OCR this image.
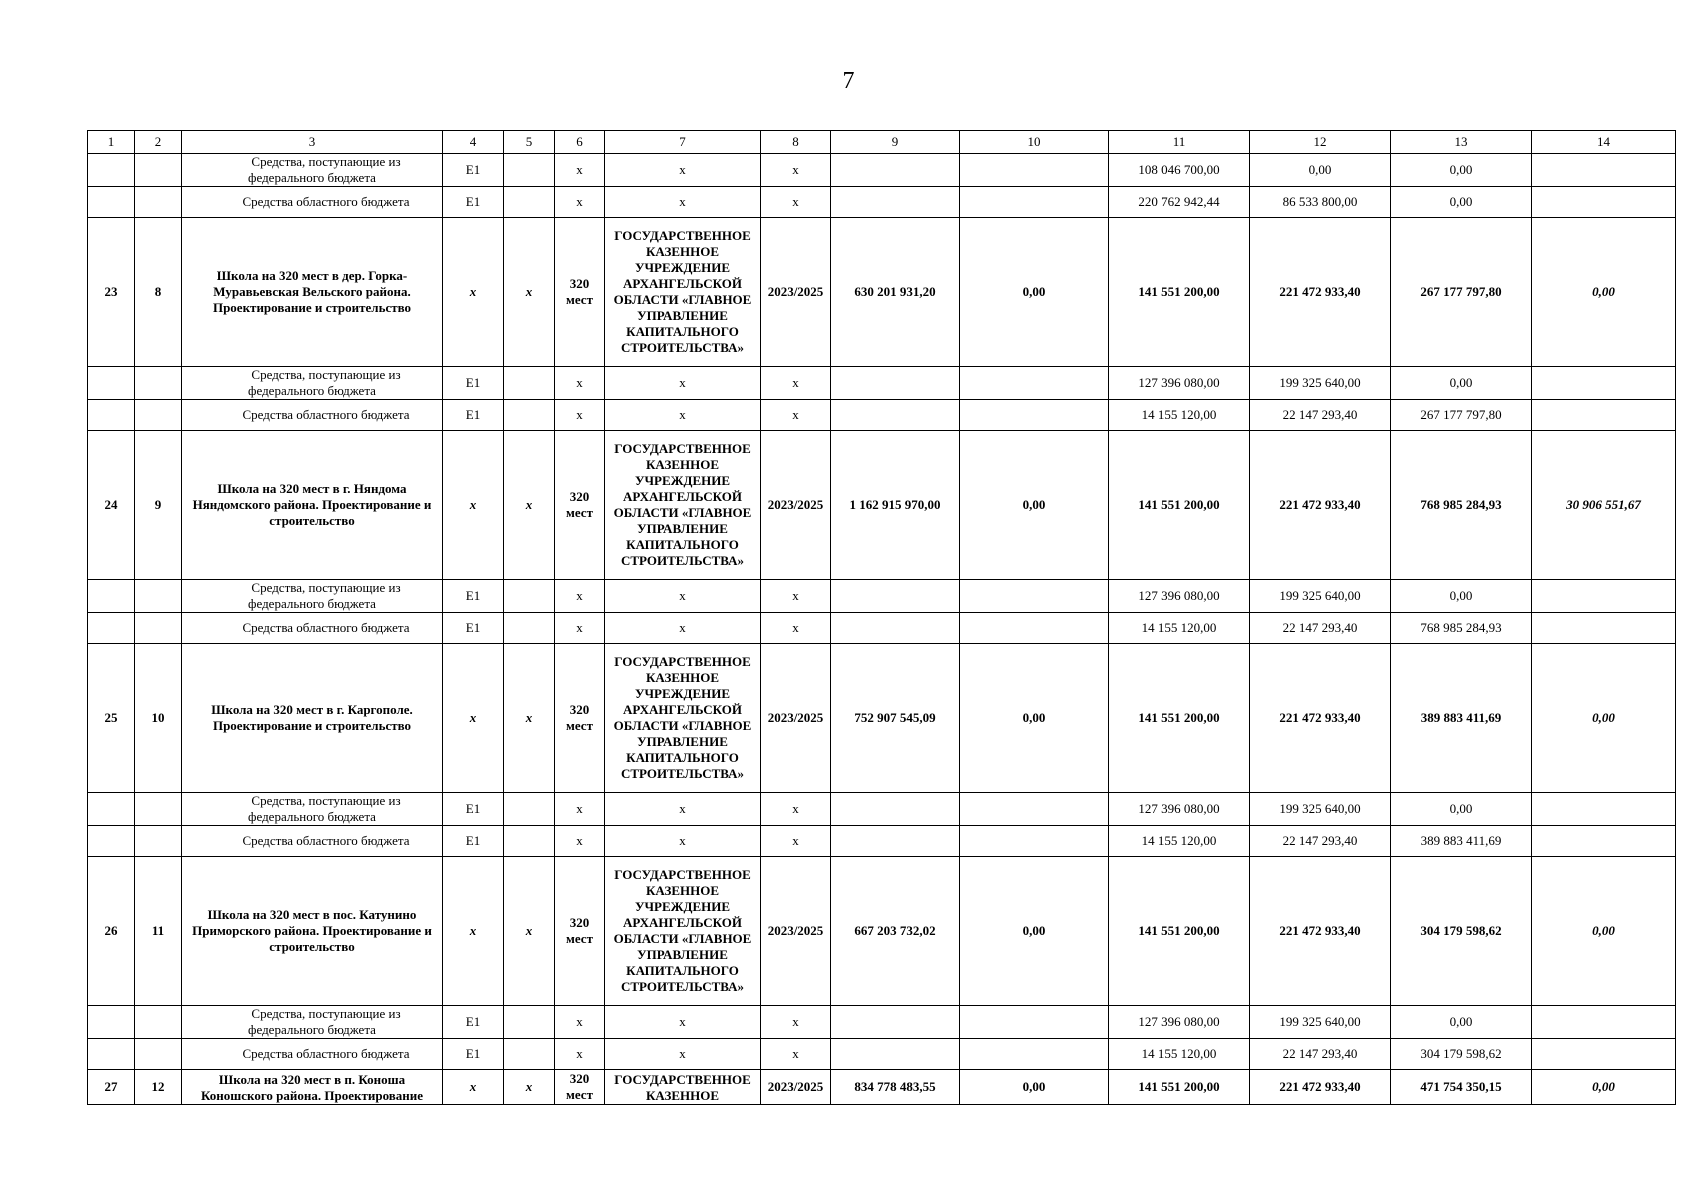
7
1	2	3	4	5	6	7	8	9	10	11	12	13	14
		Средства, поступающие из
федерального бюджета	E1		x	x	x			108 046 700,00	0,00	0,00	
		Средства областного бюджета	E1		x	x	x			220 762 942,44	86 533 800,00	0,00	
23	8	Школа на 320 мест в дер. Горка-Муравьевская Вельского района. Проектирование и строительство	x	x	320 мест	ГОСУДАРСТВЕННОЕ КАЗЕННОЕ УЧРЕЖДЕНИЕ АРХАНГЕЛЬСКОЙ ОБЛАСТИ «ГЛАВНОЕ УПРАВЛЕНИЕ КАПИТАЛЬНОГО СТРОИТЕЛЬСТВА»	2023/2025	630 201 931,20	0,00	141 551 200,00	221 472 933,40	267 177 797,80	0,00
		Средства, поступающие из
федерального бюджета	E1		x	x	x			127 396 080,00	199 325 640,00	0,00	
		Средства областного бюджета	E1		x	x	x			14 155 120,00	22 147 293,40	267 177 797,80	
24	9	Школа на 320 мест в г. Няндома Няндомского района. Проектирование и строительство	x	x	320 мест	ГОСУДАРСТВЕННОЕ КАЗЕННОЕ УЧРЕЖДЕНИЕ АРХАНГЕЛЬСКОЙ ОБЛАСТИ «ГЛАВНОЕ УПРАВЛЕНИЕ КАПИТАЛЬНОГО СТРОИТЕЛЬСТВА»	2023/2025	1 162 915 970,00	0,00	141 551 200,00	221 472 933,40	768 985 284,93	30 906 551,67
		Средства, поступающие из
федерального бюджета	E1		x	x	x			127 396 080,00	199 325 640,00	0,00	
		Средства областного бюджета	E1		x	x	x			14 155 120,00	22 147 293,40	768 985 284,93	
25	10	Школа на 320 мест в г. Каргополе. Проектирование и строительство	x	x	320 мест	ГОСУДАРСТВЕННОЕ КАЗЕННОЕ УЧРЕЖДЕНИЕ АРХАНГЕЛЬСКОЙ ОБЛАСТИ «ГЛАВНОЕ УПРАВЛЕНИЕ КАПИТАЛЬНОГО СТРОИТЕЛЬСТВА»	2023/2025	752 907 545,09	0,00	141 551 200,00	221 472 933,40	389 883 411,69	0,00
		Средства, поступающие из
федерального бюджета	E1		x	x	x			127 396 080,00	199 325 640,00	0,00	
		Средства областного бюджета	E1		x	x	x			14 155 120,00	22 147 293,40	389 883 411,69	
26	11	Школа на 320 мест в пос. Катунино Приморского района. Проектирование и строительство	x	x	320 мест	ГОСУДАРСТВЕННОЕ КАЗЕННОЕ УЧРЕЖДЕНИЕ АРХАНГЕЛЬСКОЙ ОБЛАСТИ «ГЛАВНОЕ УПРАВЛЕНИЕ КАПИТАЛЬНОГО СТРОИТЕЛЬСТВА»	2023/2025	667 203 732,02	0,00	141 551 200,00	221 472 933,40	304 179 598,62	0,00
		Средства, поступающие из
федерального бюджета	E1		x	x	x			127 396 080,00	199 325 640,00	0,00	
		Средства областного бюджета	E1		x	x	x			14 155 120,00	22 147 293,40	304 179 598,62	
27	12	Школа на 320 мест в п. Коноша Коношского района. Проектирование	x	x	320 мест	ГОСУДАРСТВЕННОЕ КАЗЕННОЕ	2023/2025	834 778 483,55	0,00	141 551 200,00	221 472 933,40	471 754 350,15	0,00
